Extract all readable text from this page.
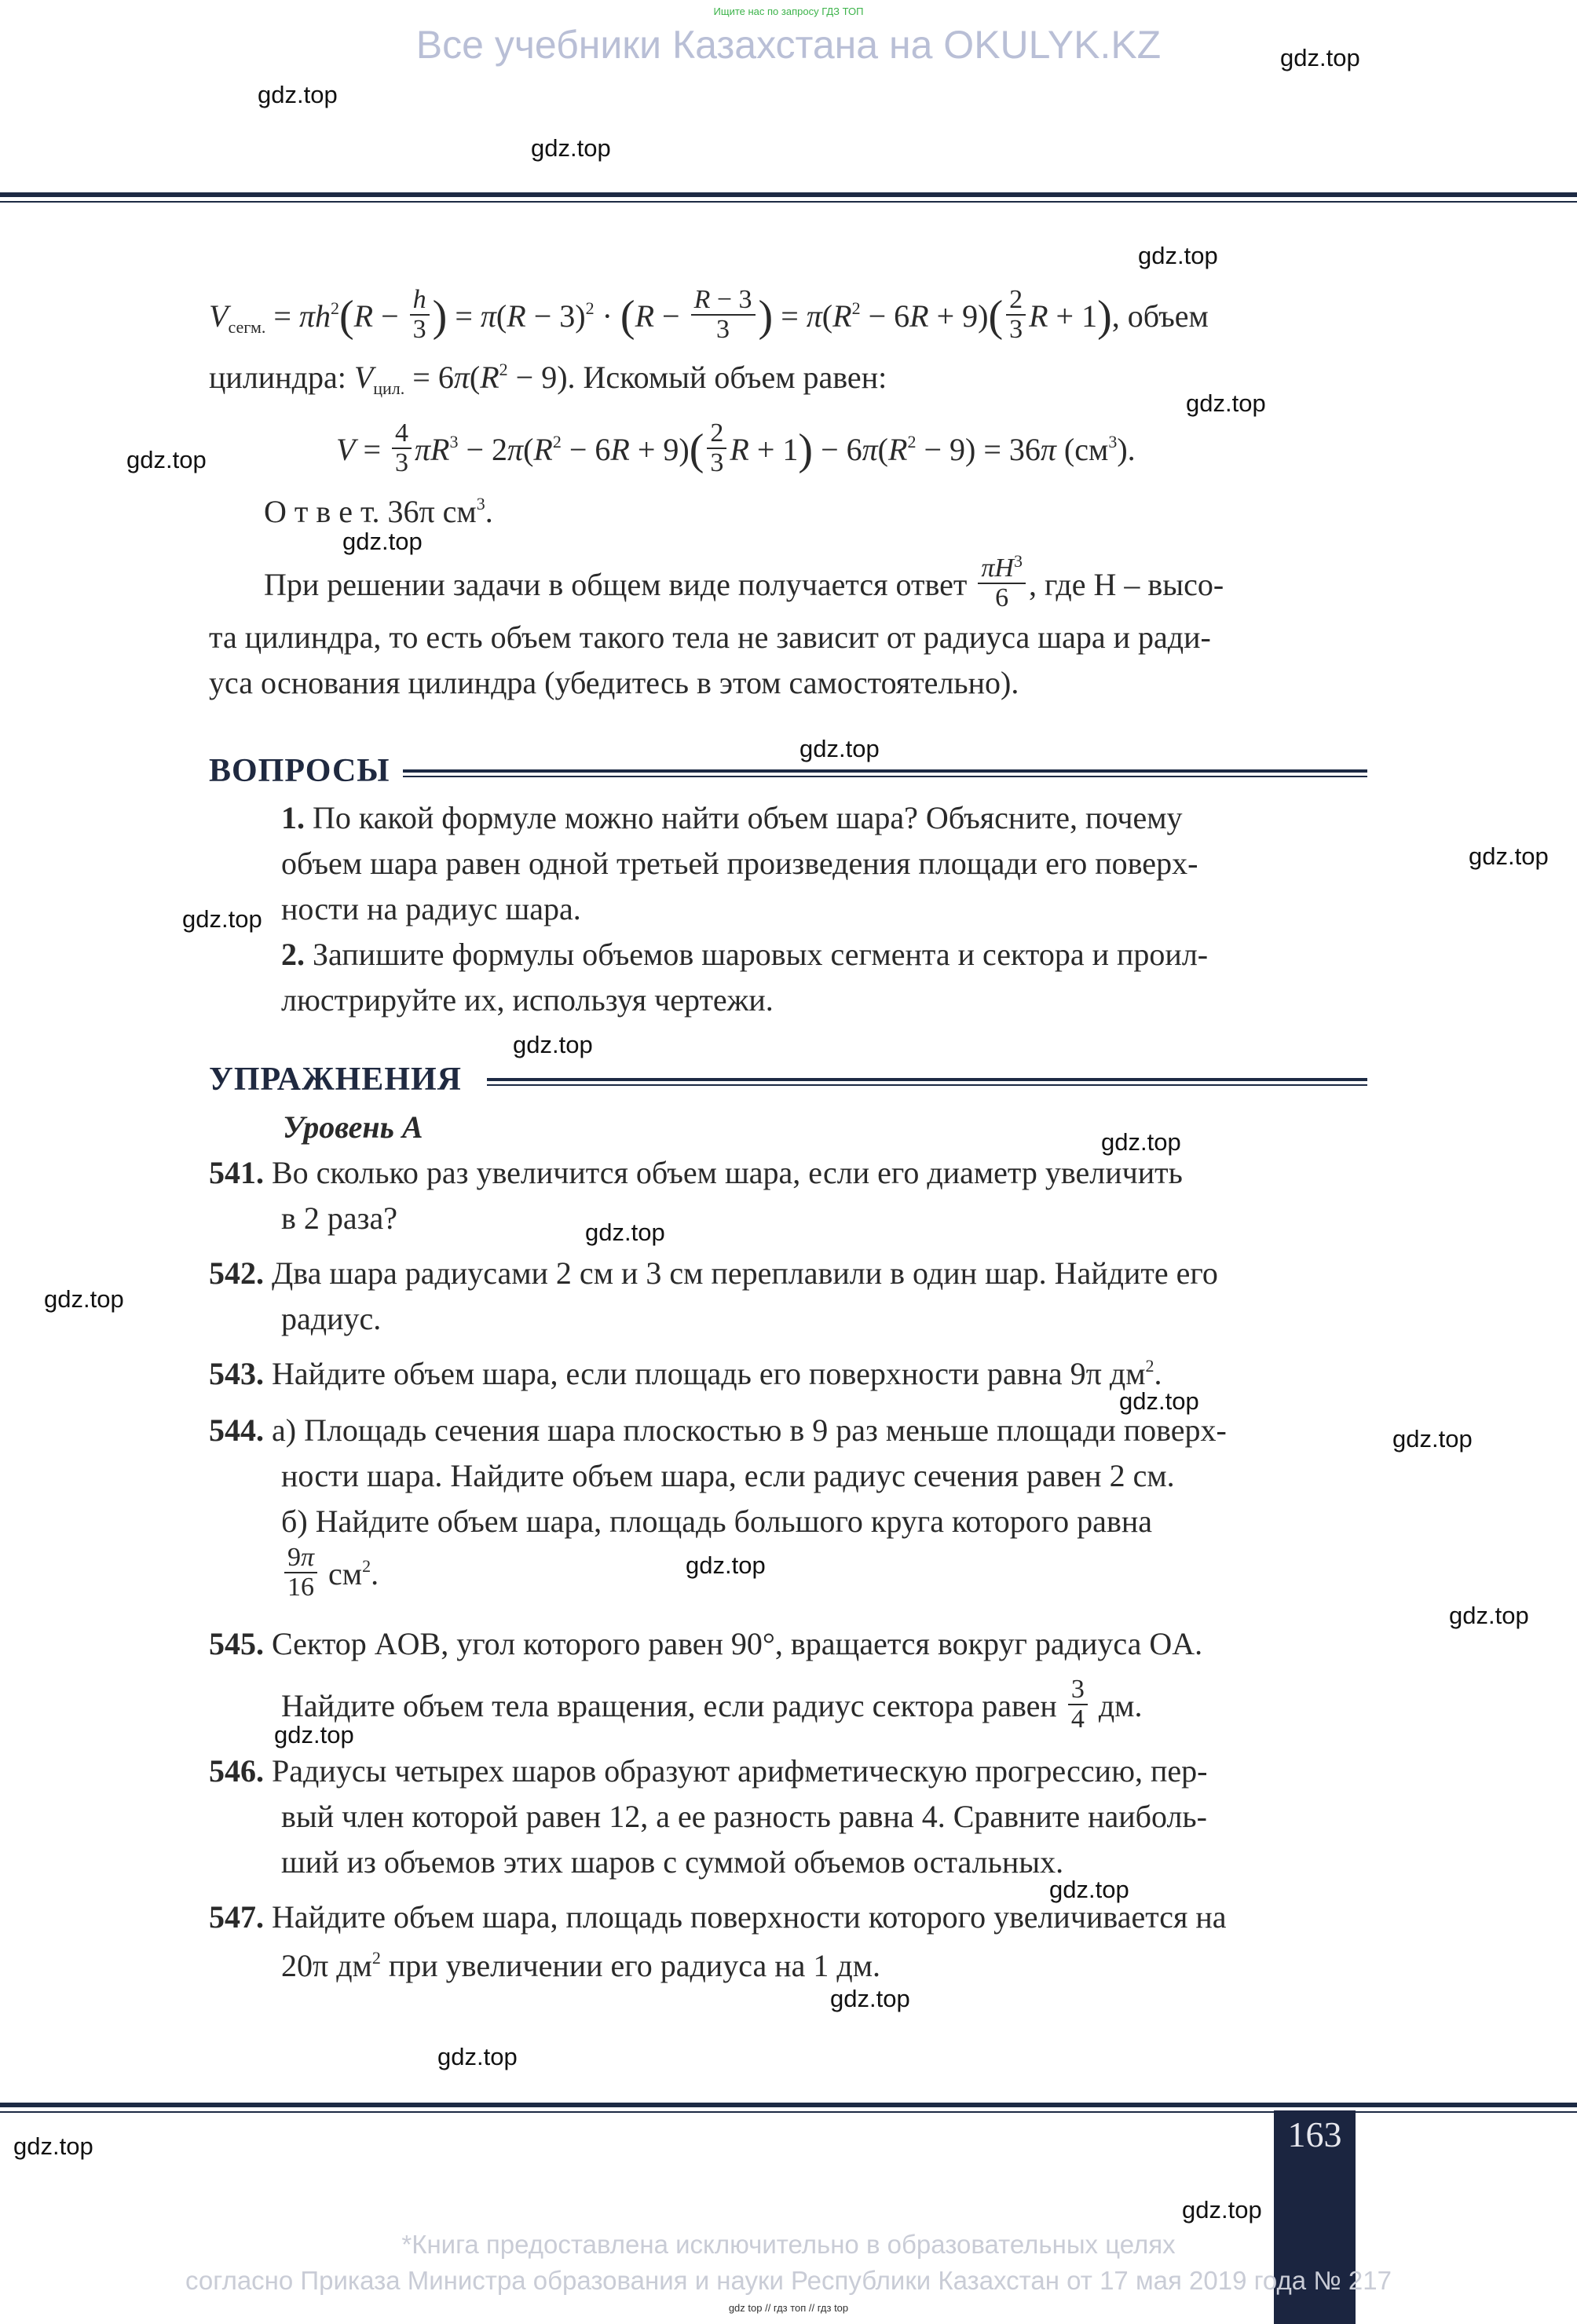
Ищите нас по запросу ГДЗ ТОП
Все учебники Казахстана на OKULYK.KZ	gdz.top
gdz.top
gdz.top
gdz.top
gdz.top
gdz.top
gdz.top
gdz.top
gdz.top
gdz.top
gdz.top
gdz.top
gdz.top
gdz.top
gdz.top
gdz.top
gdz.top
gdz.top
gdz.top
gdz.top
gdz.top
gdz.top
gdz.top
gdz.top
$V_{сегм.} = \pi h^2(R - \frac{h}{3}$ ) = $\pi(R - 3)^2 \cdot (R - \frac{R - 3}{3}$ ) = $\pi(R^2 - 6R + 9)( \frac{2}{3}$ R + 1), объем
цилиндра: $V_{цил.} = 6\pi(R^2 - 9)$. Искомый объем равен:
$V = \frac{4}{3} \pi R^3 - 2\pi(R^2 - 6R + 9)( \frac{2}{3}$ $R + 1) - 6\pi(R^2 - 9) = 36\pi$ $(см^3)$.
О т в е т. 36π $см^3$.
При решении задачи в общем виде получается ответ $\frac{\pi H^3}{6}$ , где H – высо-
та цилиндра, то есть объем такого тела не зависит от радиуса шара и ради-
уса основания цилиндра (убедитесь в этом самостоятельно).
ВОПРОСЫ
1. По какой формуле можно найти объем шара? Объясните, почему
объем шара равен одной третьей произведения площади его поверх-
ности на радиус шара.
2. Запишите формулы объемов шаровых сегмента и сектора и проил-
люстрируйте их, используя чертежи.
УПРАЖНЕНИЯ
Уровень А
541. Во сколько раз увеличится объем шара, если его диаметр увеличить
в 2 раза?
542. Два шара радиусами 2 см и 3 см переплавили в один шар. Найдите его
радиус.
543. Найдите объем шара, если площадь его поверхности равна 9π $дм^2$.
544. а) Площадь сечения шара плоскостью в 9 раз меньше площади поверх-
ности шара. Найдите объем шара, если радиус сечения равен 2 см.
б) Найдите объем шара, площадь большого круга которого равна
$\frac{9\pi}{16} см^2$.
545. Сектор AOB, угол которого равен 90°, вращается вокруг радиуса OA.
Найдите объем тела вращения, если радиус сектора равен $\frac{3}{4}$ дм.
546. Радиусы четырех шаров образуют арифметическую прогрессию, пер-
вый член которой равен 12, а ее разность равна 4. Сравните наиболь-
ший из объемов этих шаров с суммой объемов остальных.
547. Найдите объем шара, площадь поверхности которого увеличивается на
20π $дм^2$ при увеличении его радиуса на 1 дм.
163
*Книга предоставлена исключительно в образовательных целях
согласно Приказа Министра образования и науки Республики Казахстан от 17 мая 2019 года № 217
gdz top // гдз топ // гдз top
